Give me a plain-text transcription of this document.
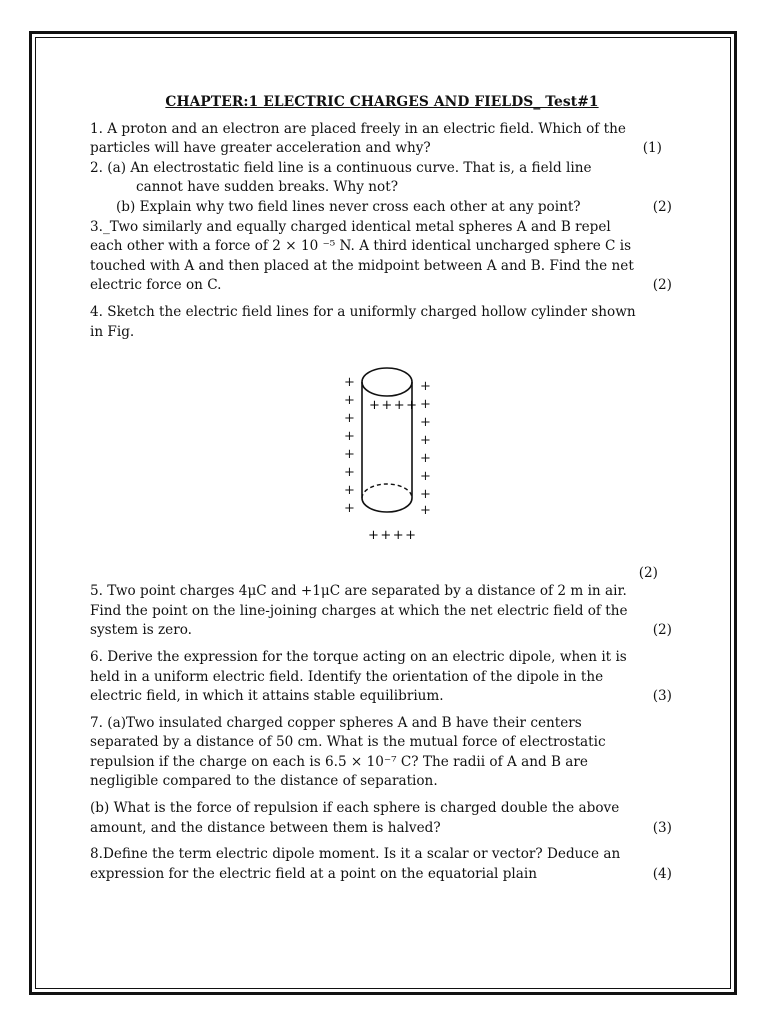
CHAPTER:1 ELECTRIC CHARGES AND FIELDS_ Test#1
1. A proton and an electron are placed freely in an electric field. Which of the
particles will have greater acceleration and why?	(1)
2. (a) An electrostatic field line is a continuous curve. That is, a field line
cannot have sudden breaks. Why not?
(b) Explain why two field lines never cross each other at any point?	(2)
3._Two similarly and equally charged identical metal spheres A and B repel
each other with a force of 2 × 10 ⁻⁵ N. A third identical uncharged sphere C is
touched with A and then placed at the midpoint between A and B. Find the net
electric force on C.	(2)
4. Sketch the electric field lines for a uniformly charged hollow cylinder shown
in Fig.
+
+
+
+
+
+
+
+
+
+
+
+
+
+
+
+
++++
++++
(2)
5. Two point charges 4μC and +1μC are separated by a distance of 2 m in air.
Find the point on the line-joining charges at which the net electric field of the
system is zero.	(2)
6. Derive the expression for the torque acting on an electric dipole, when it is
held in a uniform electric field. Identify the orientation of the dipole in the
electric field, in which it attains stable equilibrium.	(3)
7. (a)Two insulated charged copper spheres A and B have their centers
separated by a distance of 50 cm. What is the mutual force of electrostatic
repulsion if the charge on each is 6.5 × 10⁻⁷ C? The radii of A and B are
negligible compared to the distance of separation.
(b) What is the force of repulsion if each sphere is charged double the above
amount, and the distance between them is halved?	(3)
8.Define the term electric dipole moment. Is it a scalar or vector? Deduce an
expression for the electric field at a point on the equatorial plain	(4)
